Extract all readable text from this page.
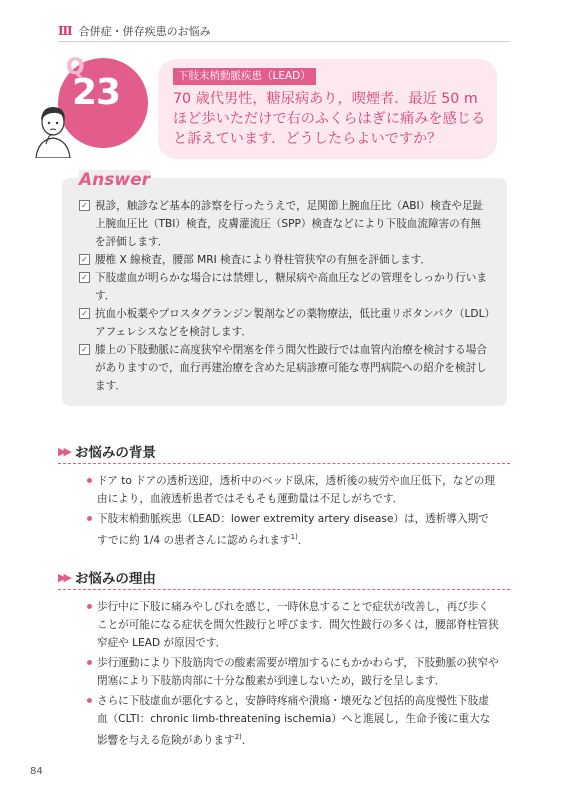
Ⅲ 合併症・併存疾患のお悩み
Q
23	下肢末梢動脈疾患（LEAD）
70 歳代男性，糖尿病あり，喫煙者．最近 50 m ほど歩いただけで右のふくらはぎに痛みを感じると訴えています．どうしたらよいですか？
Answer
✓ 視診，触診など基本的診察を行ったうえで，足関節上腕血圧比（ABI）検査や足趾上腕血圧比（TBI）検査，皮膚灌流圧（SPP）検査などにより下肢血流障害の有無を評価します．
✓ 腰椎 X 線検査，腰部 MRI 検査により脊柱管狭窄の有無を評価します．
✓ 下肢虚血が明らかな場合には禁煙し，糖尿病や高血圧などの管理をしっかり行います．
✓ 抗血小板薬やプロスタグランジン製剤などの薬物療法，低比重リポタンパク（LDL）アフェレシスなどを検討します．
✓ 膝上の下肢動脈に高度狭窄や閉塞を伴う間欠性跛行では血管内治療を検討する場合がありますので，血行再建治療を含めた足病診療可能な専門病院への紹介を検討します．
▶▶ お悩みの背景
ドア to ドアの透析送迎，透析中のベッド臥床，透析後の疲労や血圧低下，などの理由により，血液透析患者ではそもそも運動量は不足しがちです．
下肢末梢動脈疾患（LEAD：lower extremity artery disease）は，透析導入期ですでに約 1/4 の患者さんに認められます$^{1)}$．
▶▶ お悩みの理由
歩行中に下肢に痛みやしびれを感じ，一時休息することで症状が改善し，再び歩くことが可能になる症状を間欠性跛行と呼びます．間欠性跛行の多くは，腰部脊柱管狭窄症や LEAD が原因です．
歩行運動により下肢筋肉での酸素需要が増加するにもかかわらず，下肢動脈の狭窄や閉塞により下肢筋肉部に十分な酸素が到達しないため，跛行を呈します．
さらに下肢虚血が悪化すると，安静時疼痛や潰瘍・壊死など包括的高度慢性下肢虚血（CLTI：chronic limb-threatening ischemia）へと進展し，生命予後に重大な影響を与える危険があります$^{2)}$．
84
